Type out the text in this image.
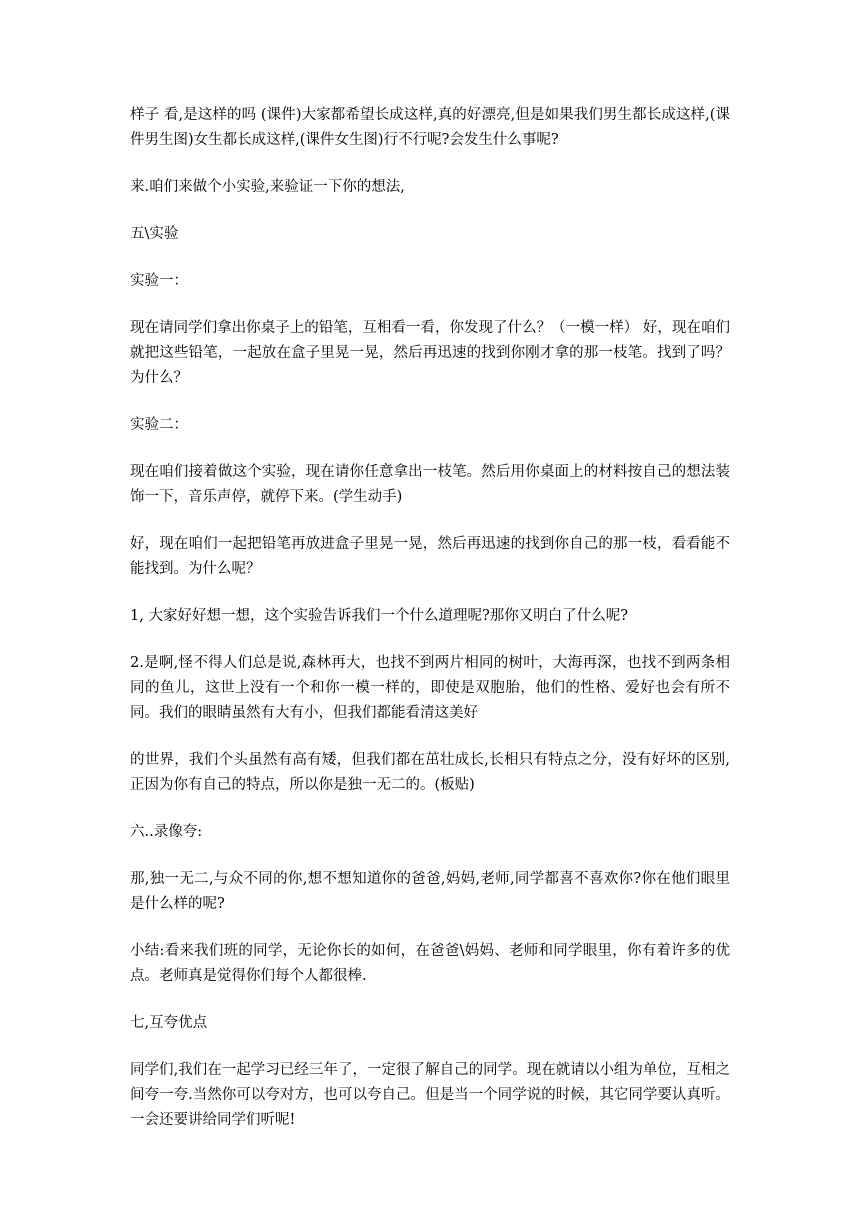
样子 看,是这样的吗 (课件)大家都希望长成这样,真的好漂亮,但是如果我们男生都长成这样,(课件男生图)女生都长成这样,(课件女生图)行不行呢?会发生什么事呢?

来.咱们来做个小实验,来验证一下你的想法,

五\实验

实验一：

现在请同学们拿出你桌子上的铅笔，互相看一看，你发现了什么？（一模一样） 好，现在咱们就把这些铅笔，一起放在盒子里晃一晃，然后再迅速的找到你刚才拿的那一枝笔。找到了吗？为什么？

实验二：

现在咱们接着做这个实验，现在请你任意拿出一枝笔。然后用你桌面上的材料按自己的想法装饰一下，音乐声停，就停下来。(学生动手)

好，现在咱们一起把铅笔再放进盒子里晃一晃，然后再迅速的找到你自己的那一枝，看看能不能找到。为什么呢？

1, 大家好好想一想，这个实验告诉我们一个什么道理呢?那你又明白了什么呢?

2.是啊,怪不得人们总是说,森林再大，也找不到两片相同的树叶，大海再深，也找不到两条相同的鱼儿，这世上没有一个和你一模一样的，即使是双胞胎，他们的性格、爱好也会有所不同。我们的眼睛虽然有大有小，但我们都能看清这美好

的世界，我们个头虽然有高有矮，但我们都在茁壮成长,长相只有特点之分，没有好坏的区别, 正因为你有自己的特点，所以你是独一无二的。(板贴)

六..录像夸:

那,独一无二,与众不同的你,想不想知道你的爸爸,妈妈,老师,同学都喜不喜欢你?你在他们眼里是什么样的呢?

小结:看来我们班的同学，无论你长的如何，在爸爸\妈妈、老师和同学眼里，你有着许多的优点。老师真是觉得你们每个人都很棒.

七,互夸优点

同学们,我们在一起学习已经三年了，一定很了解自己的同学。现在就请以小组为单位，互相之间夸一夸.当然你可以夸对方，也可以夸自己。但是当一个同学说的时候，其它同学要认真听。一会还要讲给同学们听呢!
